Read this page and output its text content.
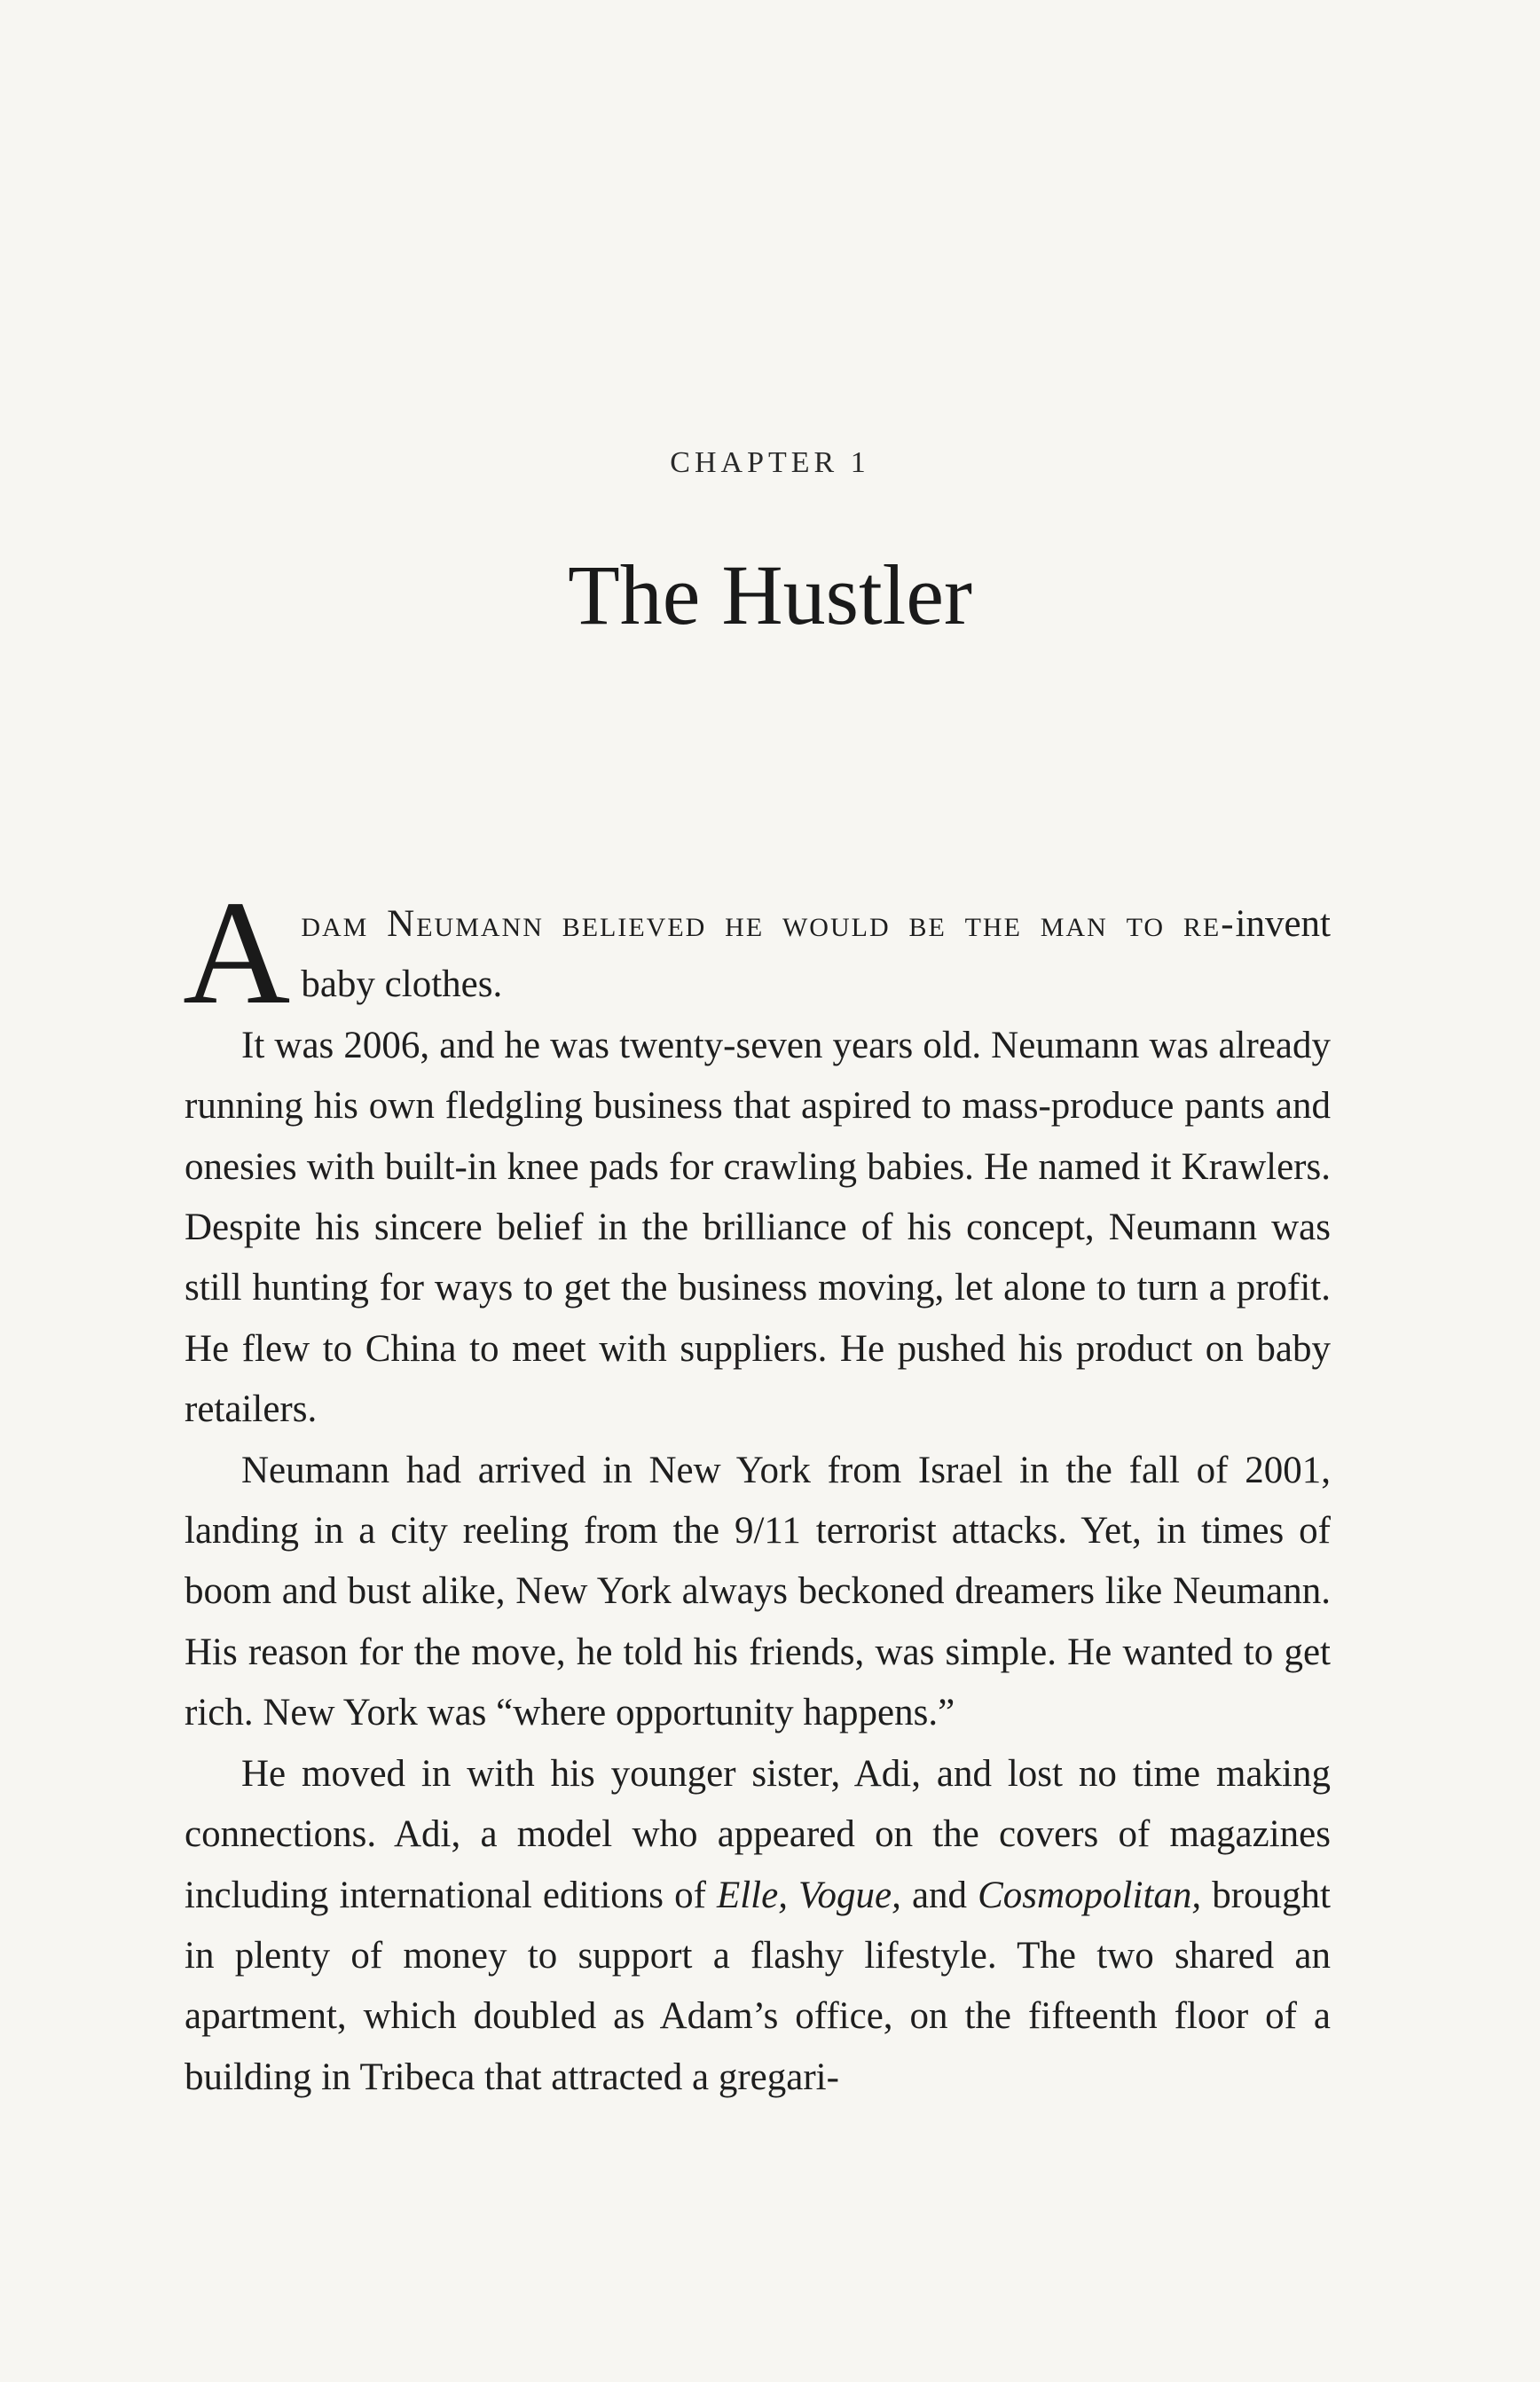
CHAPTER 1
The Hustler

Adam Neumann believed he would be the man to re-invent baby clothes.

It was 2006, and he was twenty-seven years old. Neumann was already running his own fledgling business that aspired to mass-produce pants and onesies with built-in knee pads for crawling babies. He named it Krawlers. Despite his sincere belief in the brilliance of his concept, Neumann was still hunting for ways to get the business moving, let alone to turn a profit. He flew to China to meet with suppliers. He pushed his product on baby retailers.

Neumann had arrived in New York from Israel in the fall of 2001, landing in a city reeling from the 9/11 terrorist attacks. Yet, in times of boom and bust alike, New York always beckoned dreamers like Neumann. His reason for the move, he told his friends, was simple. He wanted to get rich. New York was “where opportunity happens.”

He moved in with his younger sister, Adi, and lost no time making connections. Adi, a model who appeared on the covers of magazines including international editions of Elle, Vogue, and Cosmopolitan, brought in plenty of money to support a flashy lifestyle. The two shared an apartment, which doubled as Adam’s office, on the fifteenth floor of a building in Tribeca that attracted a gregari-
